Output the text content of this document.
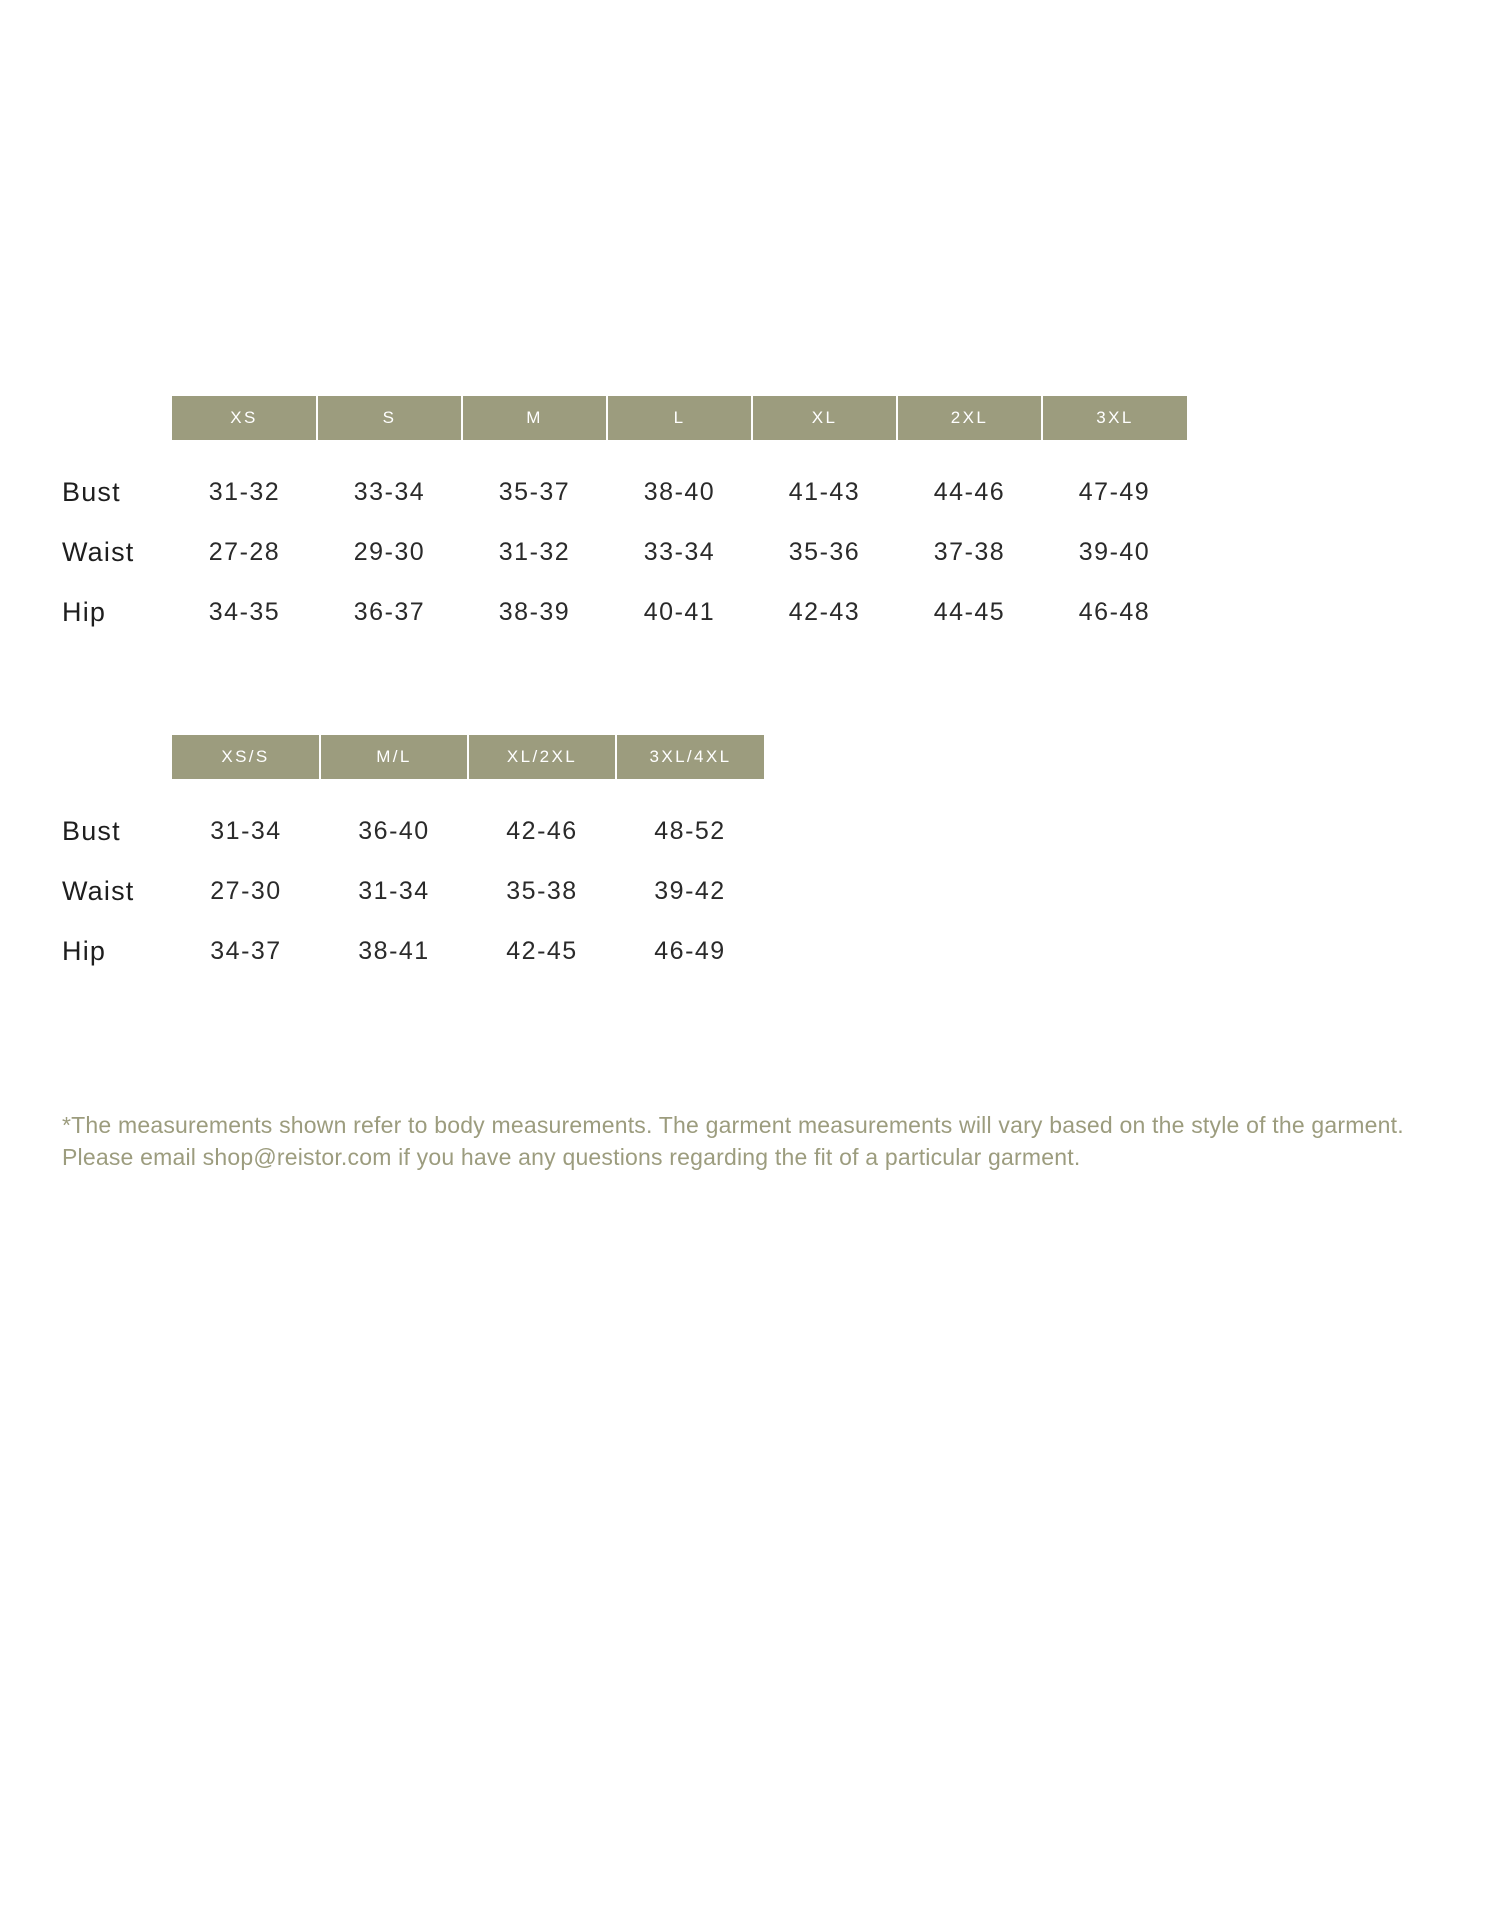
	XS	S	M	L	XL	2XL	3XL

Bust	31-32	33-34	35-37	38-40	41-43	44-46	47-49
Waist	27-28	29-30	31-32	33-34	35-36	37-38	39-40
Hip	34-35	36-37	38-39	40-41	42-43	44-45	46-48
	XS/S	M/L	XL/2XL	3XL/4XL

Bust	31-34	36-40	42-46	48-52
Waist	27-30	31-34	35-38	39-42
Hip	34-37	38-41	42-45	46-49
*The measurements shown refer to body measurements. The garment measurements will vary based on the style of the garment. Please email shop@reistor.com if you have any questions regarding the fit of a particular garment.
